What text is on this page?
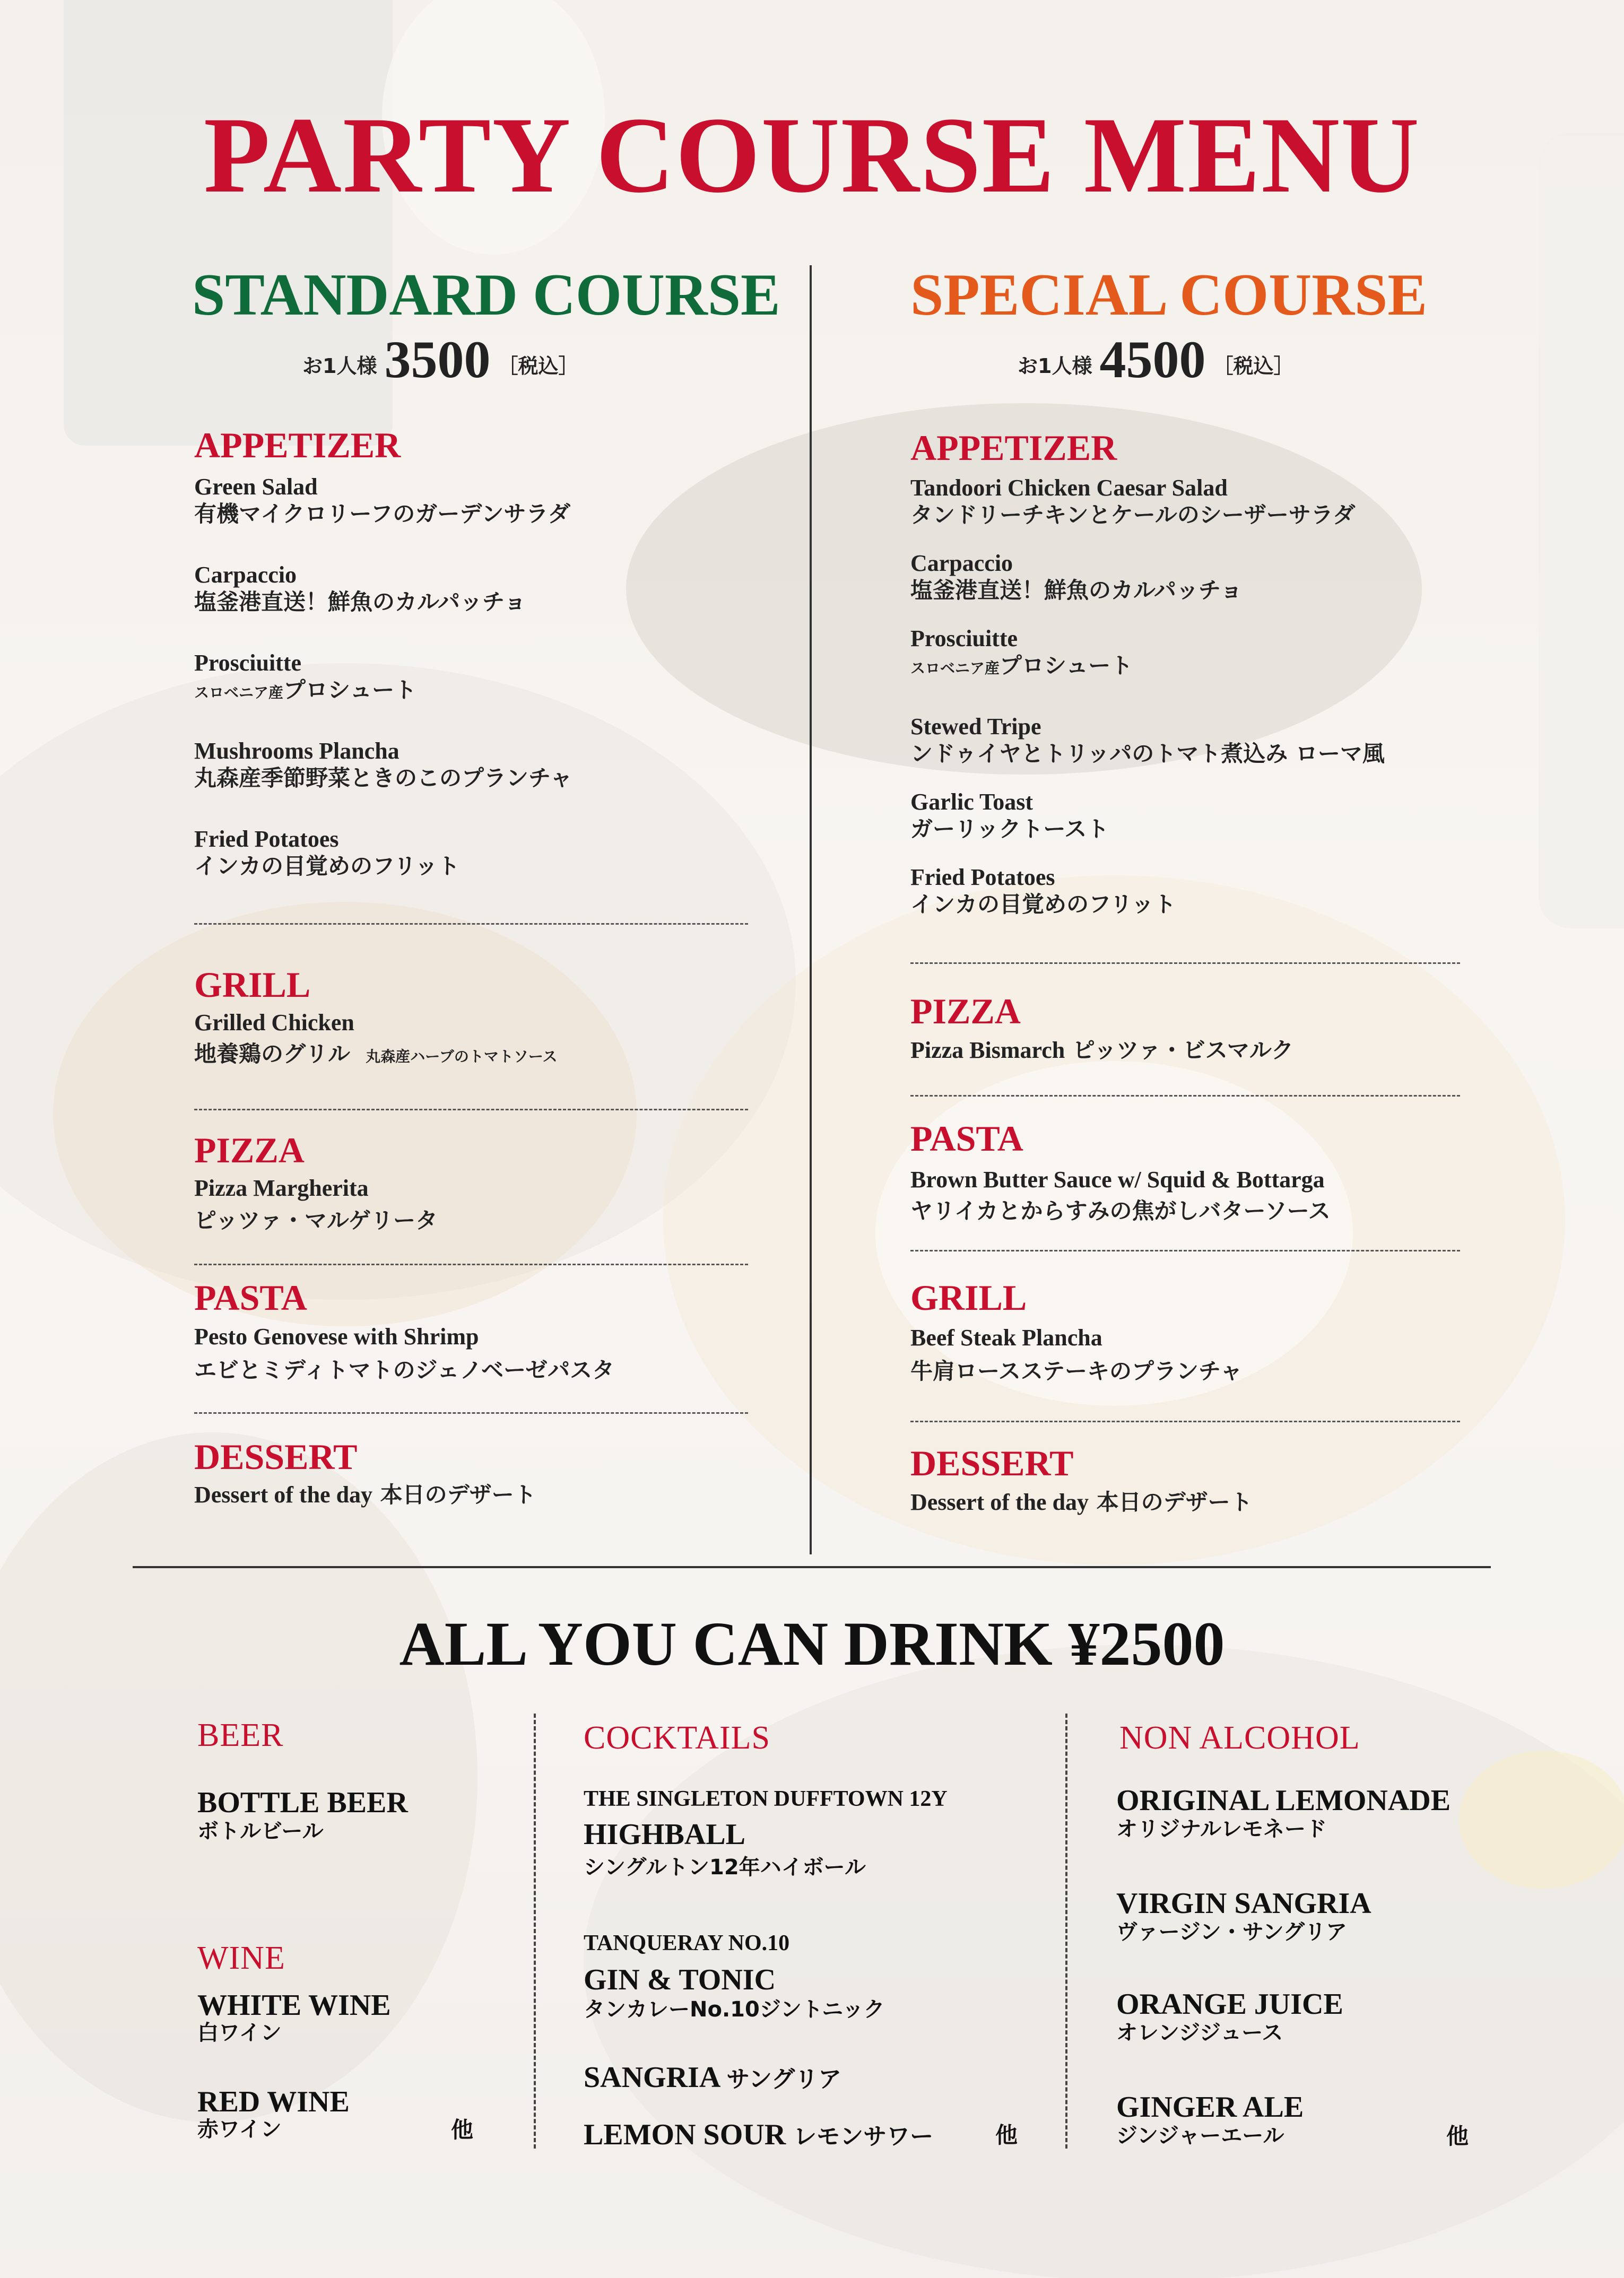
PARTY COURSE MENU
STANDARD COURSE
お1人様 3500 ［税込］
APPETIZER
Green Salad
有機マイクロリーフのガーデンサラダ
Carpaccio
塩釜港直送！鮮魚のカルパッチョ
Prosciuitte
スロベニア産プロシュート
Mushrooms Plancha
丸森産季節野菜ときのこのプランチャ
Fried Potatoes
インカの目覚めのフリット
GRILL
Grilled Chicken
地養鶏のグリル 丸森産ハーブのトマトソース
PIZZA
Pizza Margherita
ピッツァ・マルゲリータ
PASTA
Pesto Genovese with Shrimp
エビとミディトマトのジェノベーゼパスタ
DESSERT
Dessert of the day 本日のデザート
SPECIAL COURSE
お1人様 4500 ［税込］
APPETIZER
Tandoori Chicken Caesar Salad
タンドリーチキンとケールのシーザーサラダ
Carpaccio
塩釜港直送！鮮魚のカルパッチョ
Prosciuitte
スロベニア産プロシュート
Stewed Tripe
ンドゥイヤとトリッパのトマト煮込み ローマ風
Garlic Toast
ガーリックトースト
Fried Potatoes
インカの目覚めのフリット
PIZZA
Pizza Bismarch ピッツァ・ビスマルク
PASTA
Brown Butter Sauce w/ Squid & Bottarga
ヤリイカとからすみの焦がしバターソース
GRILL
Beef Steak Plancha
牛肩ロースステーキのプランチャ
DESSERT
Dessert of the day 本日のデザート
ALL YOU CAN DRINK ¥2500
BEER
BOTTLE BEER
ボトルビール
WINE
WHITE WINE
白ワイン
RED WINE
赤ワイン	他
COCKTAILS
THE SINGLETON DUFFTOWN 12Y
HIGHBALL
シングルトン12年ハイボール
TANQUERAY NO.10
GIN & TONIC
タンカレーNo.10ジントニック
SANGRIA サングリア
LEMON SOUR レモンサワー	他
NON ALCOHOL
ORIGINAL LEMONADE
オリジナルレモネード
VIRGIN SANGRIA
ヴァージン・サングリア
ORANGE JUICE
オレンジジュース
GINGER ALE
ジンジャーエール	他
